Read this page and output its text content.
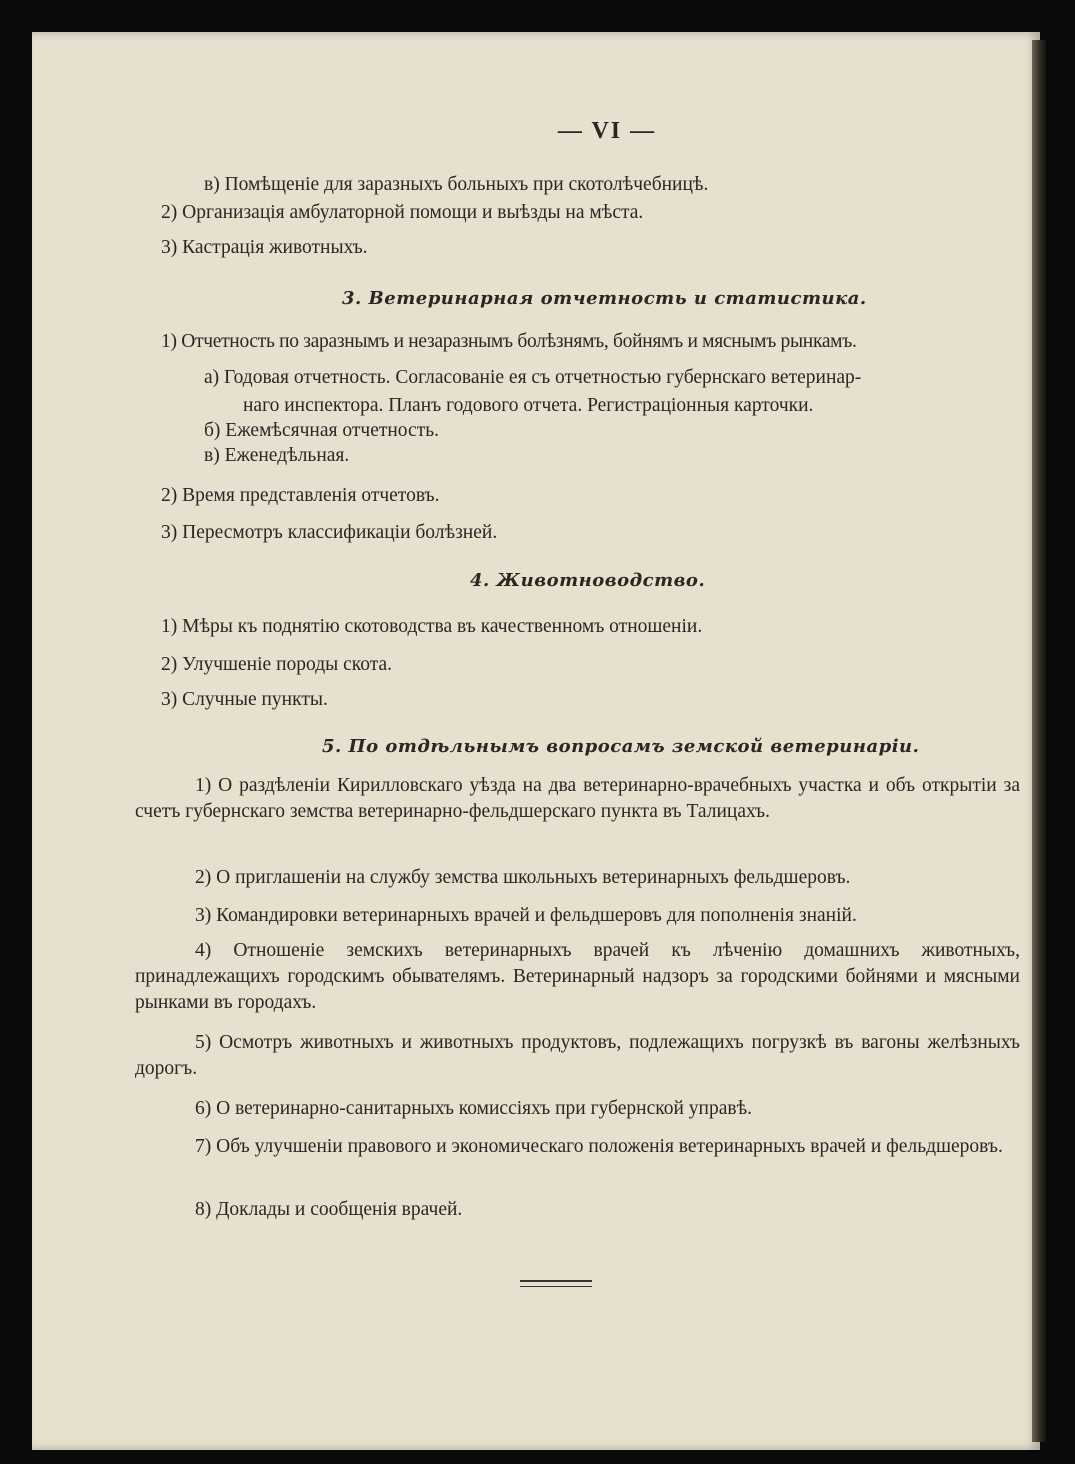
— VI —
в) Помѣщеніе для заразныхъ больныхъ при скотолѣчебницѣ.
2) Организація амбулаторной помощи и выѣзды на мѣста.
3) Кастрація животныхъ.
3. Ветеринарная отчетность и статистика.
1) Отчетность по заразнымъ и незаразнымъ болѣзнямъ, бойнямъ и мяснымъ рынкамъ.
а) Годовая отчетность. Согласованіе ея съ отчетностью губернскаго ветеринар-
наго инспектора. Планъ годового отчета. Регистраціонныя карточки.
б) Ежемѣсячная отчетность.
в) Еженедѣльная.
2) Время представленія отчетовъ.
3) Пересмотръ классификаціи болѣзней.
4. Животноводство.
1) Мѣры къ поднятію скотоводства въ качественномъ отношеніи.
2) Улучшеніе породы скота.
3) Случные пункты.
5. По отдѣльнымъ вопросамъ земской ветеринаріи.
1) О раздѣленіи Кирилловскаго уѣзда на два ветеринарно-врачебныхъ участка и объ открытіи за счетъ губернскаго земства ветеринарно-фельдшерскаго пункта въ Талицахъ.
2) О приглашеніи на службу земства школьныхъ ветеринарныхъ фельдшеровъ.
3) Командировки ветеринарныхъ врачей и фельдшеровъ для пополненія знаній.
4) Отношеніе земскихъ ветеринарныхъ врачей къ лѣченію домашнихъ животныхъ, принадлежащихъ городскимъ обывателямъ. Ветеринарный надзоръ за городскими бойнями и мясными рынками въ городахъ.
5) Осмотръ животныхъ и животныхъ продуктовъ, подлежащихъ погрузкѣ въ вагоны желѣзныхъ дорогъ.
6) О ветеринарно-санитарныхъ комиссіяхъ при губернской управѣ.
7) Объ улучшеніи правового и экономическаго положенія ветеринарныхъ врачей и фельдшеровъ.
8) Доклады и сообщенія врачей.
